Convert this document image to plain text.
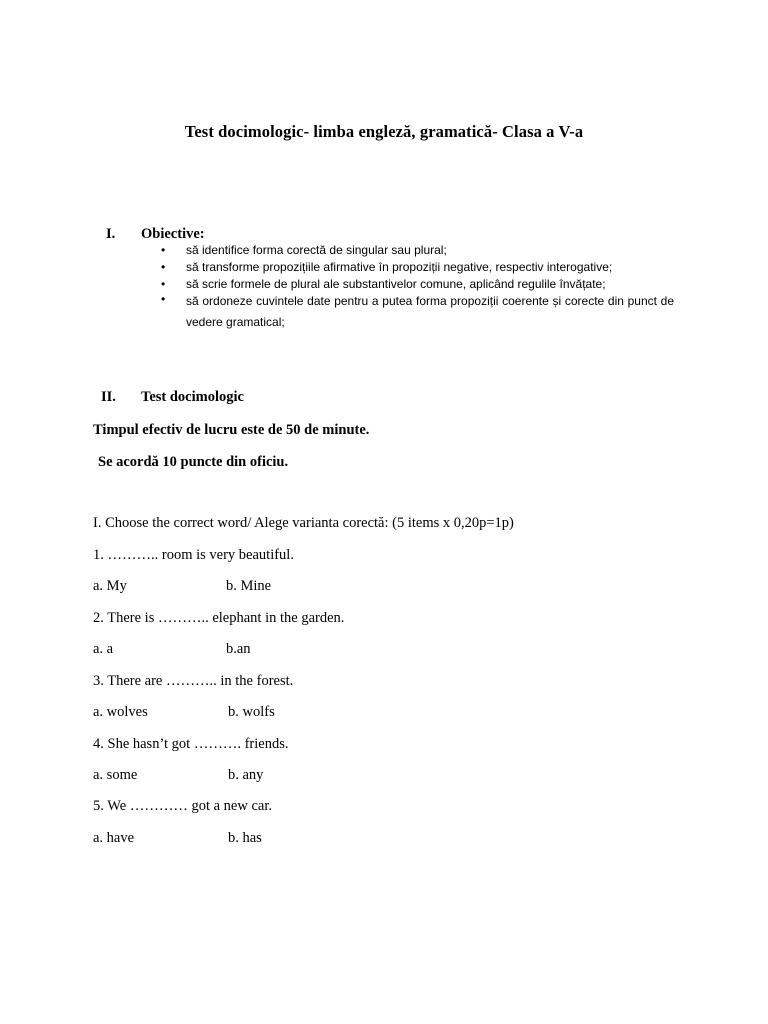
Test docimologic- limba engleză, gramatică- Clasa a V-a
I. Obiective:
• să identifice forma corectă de singular sau plural;
• să transforme propozițiile afirmative în propoziții negative, respectiv interogative;
• să scrie formele de plural ale substantivelor comune, aplicând regulile învățate;
• să ordoneze cuvintele date pentru a putea forma propoziții coerente și corecte din punct de vedere gramatical;
II. Test docimologic
Timpul efectiv de lucru este de 50 de minute.
Se acordă 10 puncte din oficiu.
I. Choose the correct word/ Alege varianta corectă: (5 items x 0,20p=1p)
1. ……….. room is very beautiful.
a. My	b. Mine
2. There is ……….. elephant in the garden.
a. a	b.an
3. There are ……….. in the forest.
a. wolves	b. wolfs
4. She hasn’t got ………. friends.
a. some	b. any
5. We ………… got a new car.
a. have	b. has
